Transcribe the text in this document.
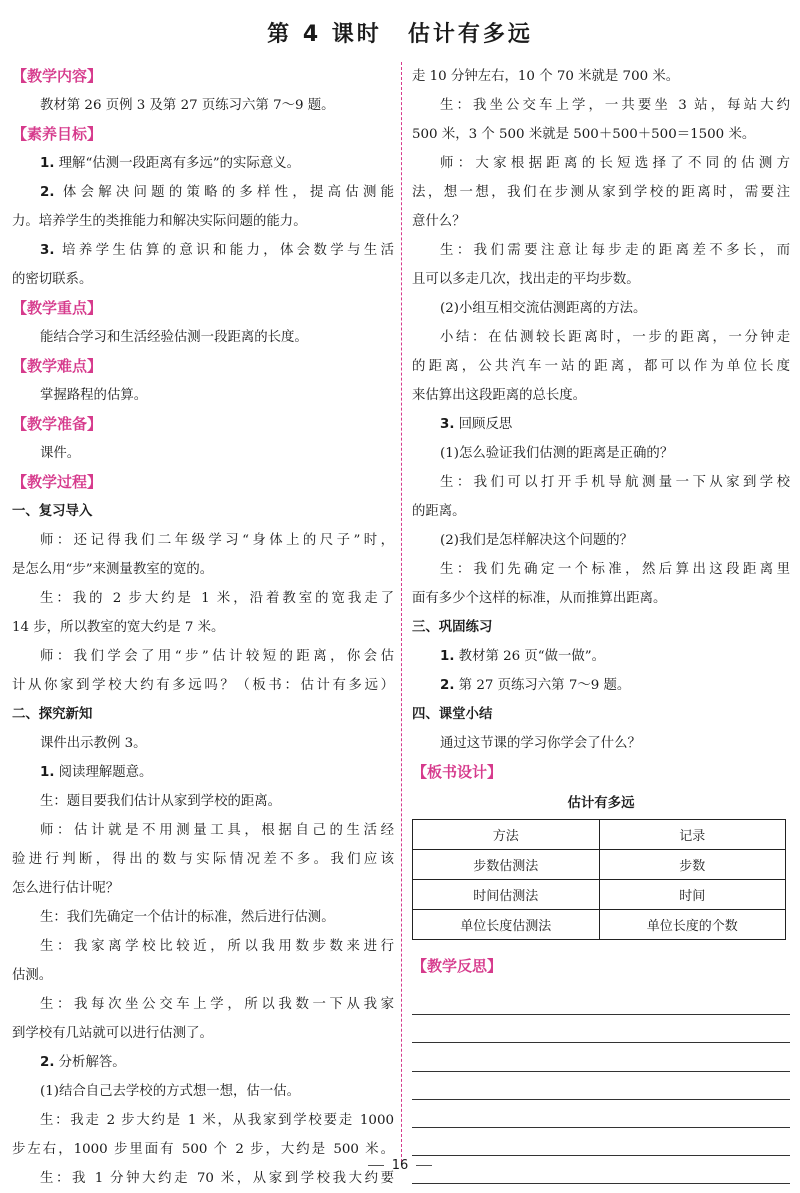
第 4 课时 估计有多远
【教学内容】
教材第 26 页例 3 及第 27 页练习六第 7～9 题。
【素养目标】
1. 理解“估测一段距离有多远”的实际意义。
2. 体会解决问题的策略的多样性，提高估测能
力。培养学生的类推能力和解决实际问题的能力。
3. 培养学生估算的意识和能力，体会数学与生活
的密切联系。
【教学重点】
能结合学习和生活经验估测一段距离的长度。
【教学难点】
掌握路程的估算。
【教学准备】
课件。
【教学过程】
一、复习导入
师：还记得我们二年级学习“身体上的尺子”时，
是怎么用“步”来测量教室的宽的。
生：我的 2 步大约是 1 米，沿着教室的宽我走了
14 步，所以教室的宽大约是 7 米。
师：我们学会了用“步”估计较短的距离，你会估
计从你家到学校大约有多远吗？（板书：估计有多远）
二、探究新知
课件出示教例 3。
1. 阅读理解题意。
生：题目要我们估计从家到学校的距离。
师：估计就是不用测量工具，根据自己的生活经
验进行判断，得出的数与实际情况差不多。我们应该
怎么进行估计呢？
生：我们先确定一个估计的标准，然后进行估测。
生：我家离学校比较近，所以我用数步数来进行
估测。
生：我每次坐公交车上学，所以我数一下从我家
到学校有几站就可以进行估测了。
2. 分析解答。
(1)结合自己去学校的方式想一想，估一估。
生：我走 2 步大约是 1 米，从我家到学校要走 1000
步左右，1000 步里面有 500 个 2 步，大约是 500 米。
生：我 1 分钟大约走 70 米，从家到学校我大约要
走 10 分钟左右，10 个 70 米就是 700 米。
生：我坐公交车上学，一共要坐 3 站，每站大约
500 米，3 个 500 米就是 500＋500＋500＝1500 米。
师：大家根据距离的长短选择了不同的估测方
法，想一想，我们在步测从家到学校的距离时，需要注
意什么？
生：我们需要注意让每步走的距离差不多长，而
且可以多走几次，找出走的平均步数。
(2)小组互相交流估测距离的方法。
小结：在估测较长距离时，一步的距离，一分钟走
的距离，公共汽车一站的距离，都可以作为单位长度
来估算出这段距离的总长度。
3. 回顾反思
(1)怎么验证我们估测的距离是正确的？
生：我们可以打开手机导航测量一下从家到学校
的距离。
(2)我们是怎样解决这个问题的？
生：我们先确定一个标准，然后算出这段距离里
面有多少个这样的标准，从而推算出距离。
三、巩固练习
1. 教材第 26 页“做一做”。
2. 第 27 页练习六第 7～9 题。
四、课堂小结
通过这节课的学习你学会了什么？
【板书设计】
估计有多远
方法	记录
步数估测法	步数
时间估测法	时间
单位长度估测法	单位长度的个数
【教学反思】
16
